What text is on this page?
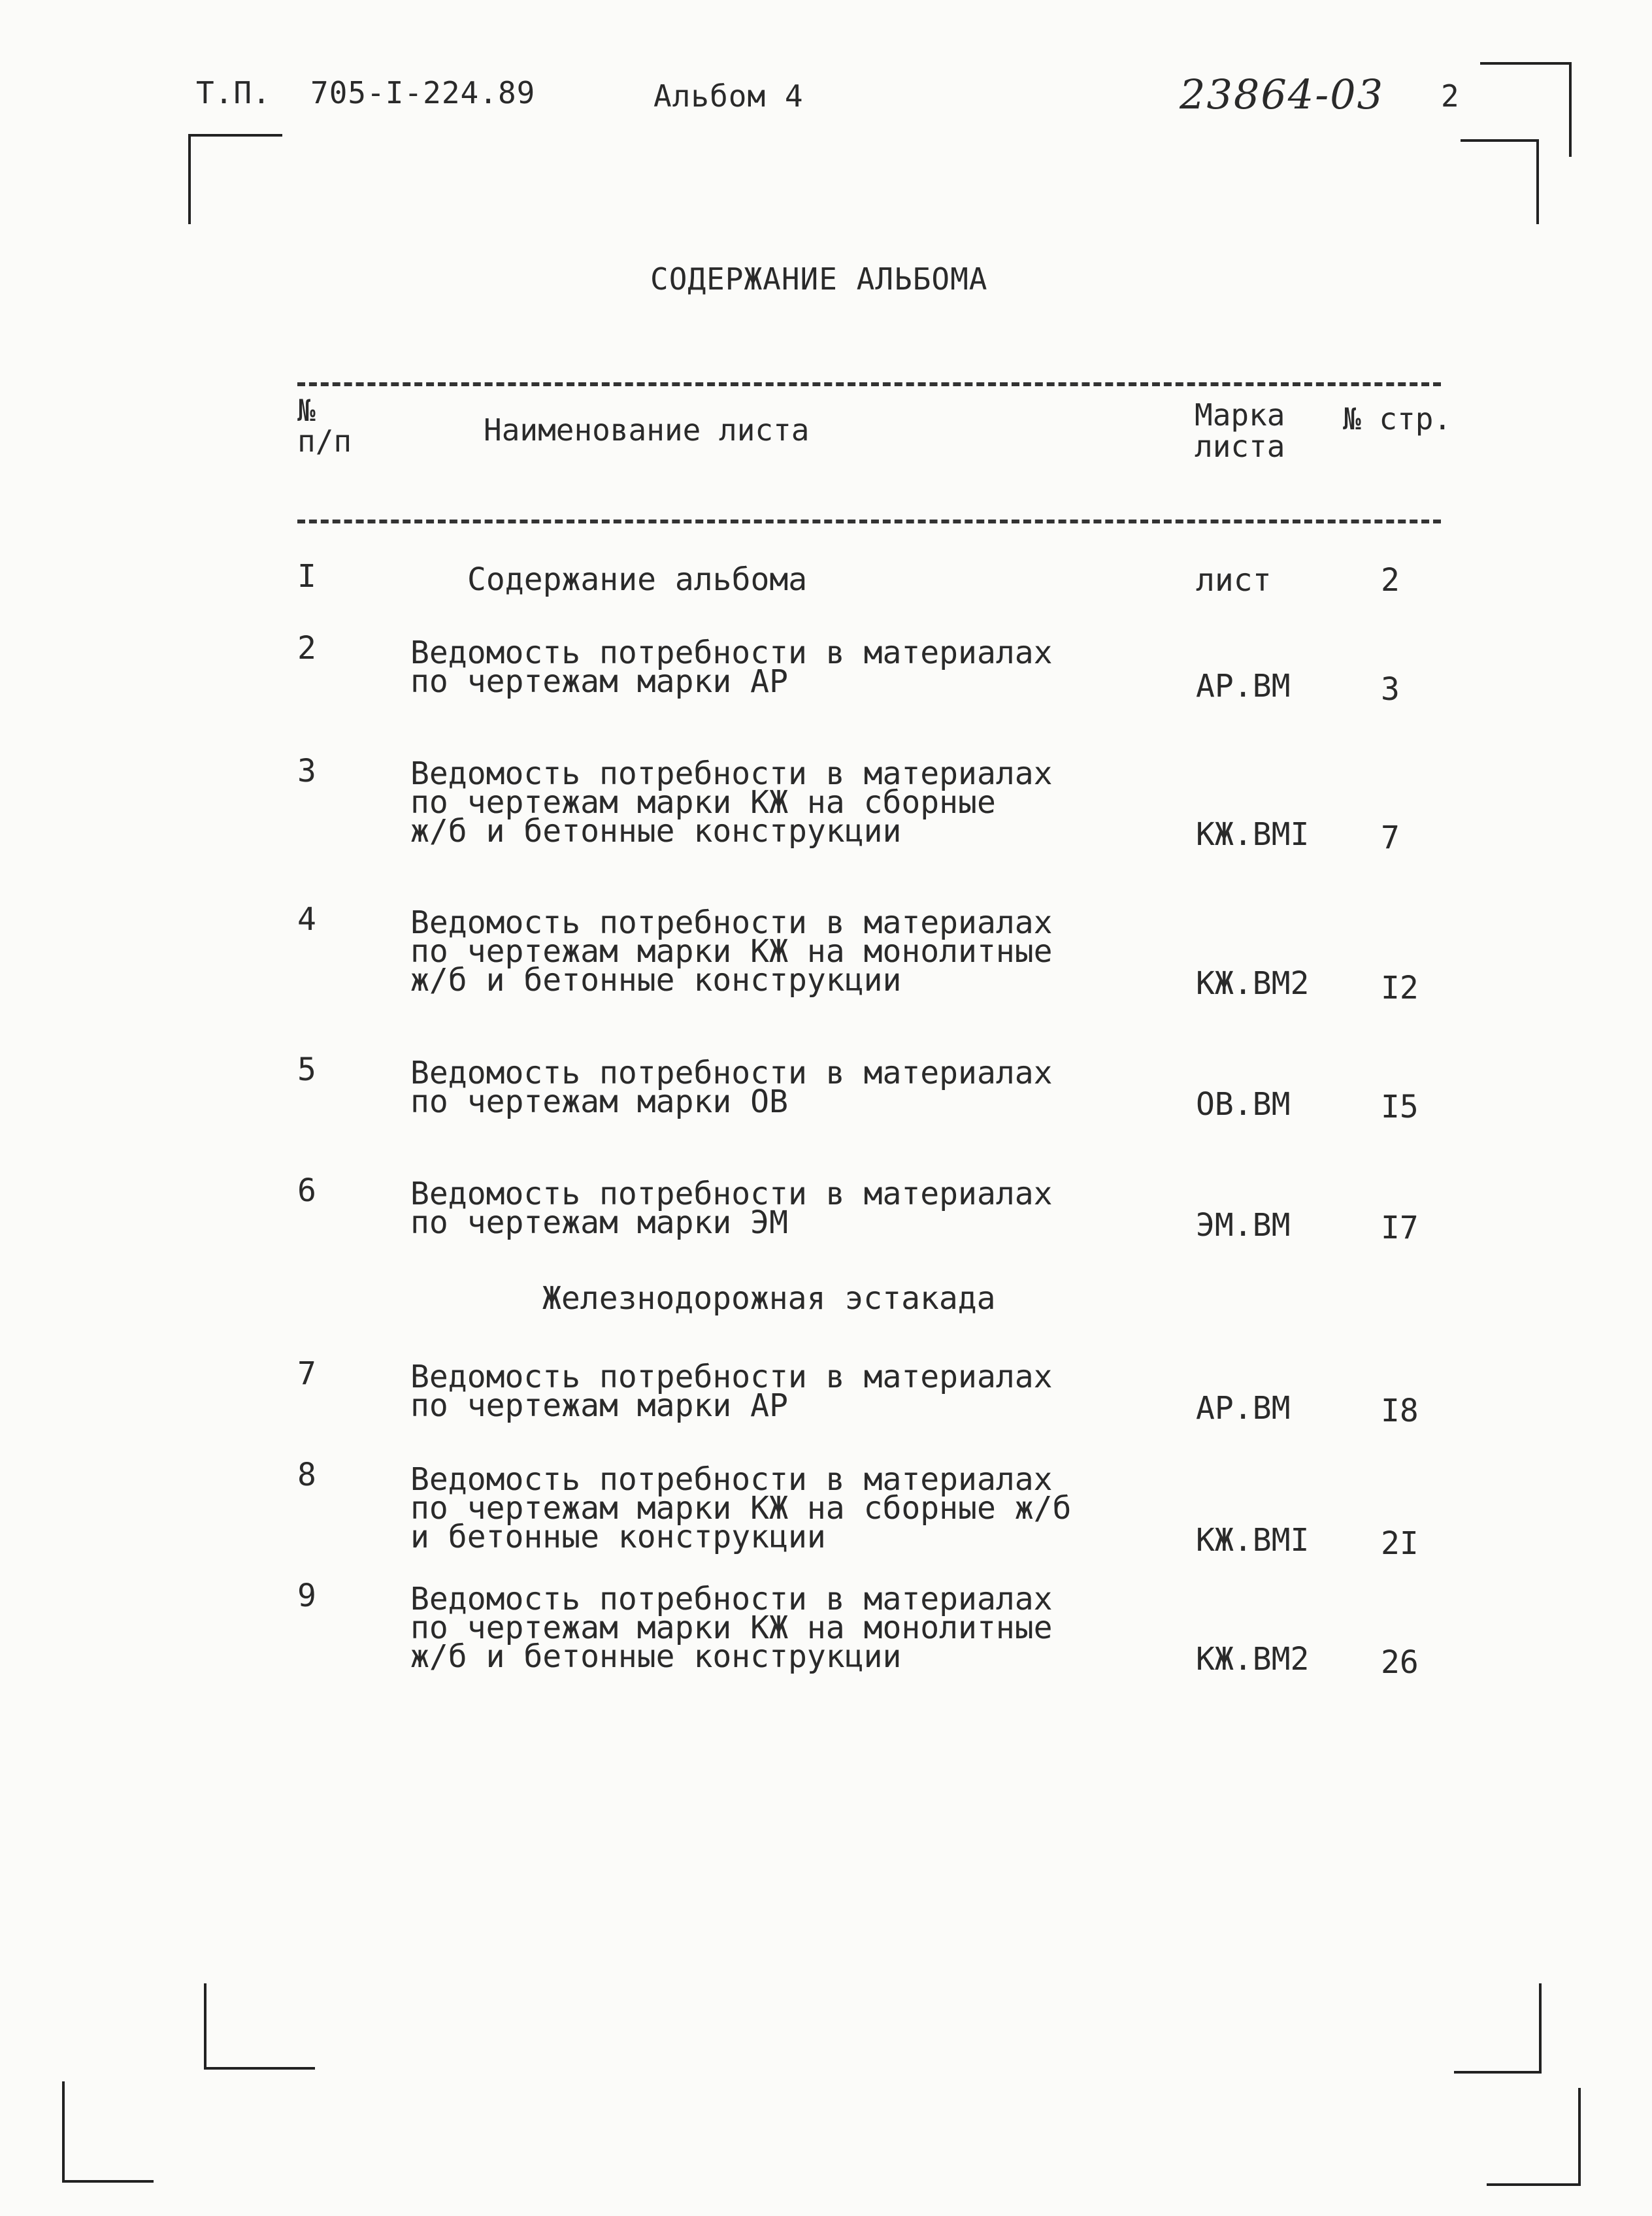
Т.П. 705-I-224.89	Альбом 4	23864-03 2
СОДЕРЖАНИЕ АЛЬБОМА
№
п/п	Наименование листа	Марка
листа
№ стр.
I	Содержание альбома	лист	2
2	Ведомость потребности в материалах
по чертежам марки АР	АР.ВМ	3
3	Ведомость потребности в материалах
по чертежам марки КЖ на сборные
ж/б и бетонные конструкции	КЖ.ВМI 7
4	Ведомость потребности в материалах
по чертежам марки КЖ на монолитные
ж/б и бетонные конструкции	КЖ.ВМ2 I2
5	Ведомость потребности в материалах
по чертежам марки ОВ	ОВ.ВМ	I5
6	Ведомость потребности в материалах
по чертежам марки ЭМ	ЭМ.ВМ	I7
Железнодорожная эстакада
7	Ведомость потребности в материалах
по чертежам марки АР	АР.ВМ	I8
8	Ведомость потребности в материалах
по чертежам марки КЖ на сборные ж/б
и бетонные конструкции	КЖ.ВМI 2I
9	Ведомость потребности в материалах
по чертежам марки КЖ на монолитные
ж/б и бетонные конструкции	КЖ.ВМ2 26
